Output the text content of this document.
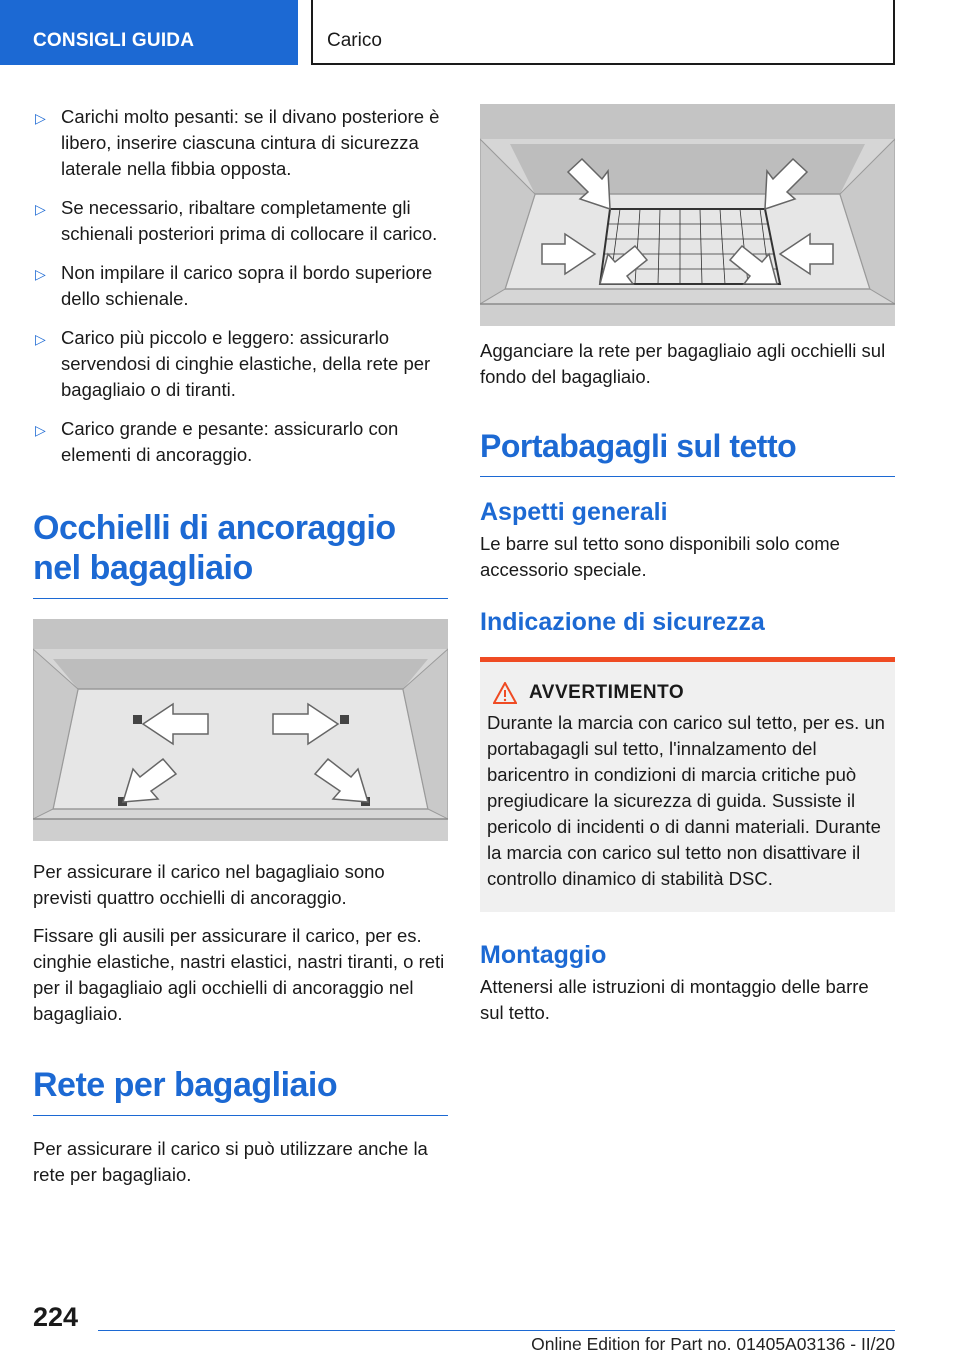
CONSIGLI GUIDA	Carico
▷ Carichi molto pesanti: se il divano posteriore è libero, inserire ciascuna cintura di sicurezza laterale nella fibbia opposta.
▷ Se necessario, ribaltare completamente gli schienali posteriori prima di collocare il carico.
▷ Non impilare il carico sopra il bordo superiore dello schienale.
▷ Carico più piccolo e leggero: assicurarlo servendosi di cinghie elastiche, della rete per bagagliaio o di tiranti.
▷ Carico grande e pesante: assicurarlo con elementi di ancoraggio.
Occhielli di ancoraggio nel bagagliaio

Per assicurare il carico nel bagagliaio sono previsti quattro occhielli di ancoraggio.

Fissare gli ausili per assicurare il carico, per es. cinghie elastiche, nastri elastici, nastri tiranti, o reti per il bagagliaio agli occhielli di ancoraggio nel bagagliaio.

Rete per bagagliaio

Per assicurare il carico si può utilizzare anche la rete per bagagliaio.

Agganciare la rete per bagagliaio agli occhielli sul fondo del bagagliaio.

Portabagagli sul tetto
Aspetti generali

Le barre sul tetto sono disponibili solo come accessorio speciale.

Indicazione di sicurezza
AVVERTIMENTO
Durante la marcia con carico sul tetto, per es. un portabagagli sul tetto, l'innalzamento del baricentro in condizioni di marcia critiche può pregiudicare la sicurezza di guida. Sussiste il pericolo di incidenti o di danni materiali. Durante la marcia con carico sul tetto non disattivare il controllo dinamico di stabilità DSC.
Montaggio

Attenersi alle istruzioni di montaggio delle barre sul tetto.

224
Online Edition for Part no. 01405A03136 - II/20
